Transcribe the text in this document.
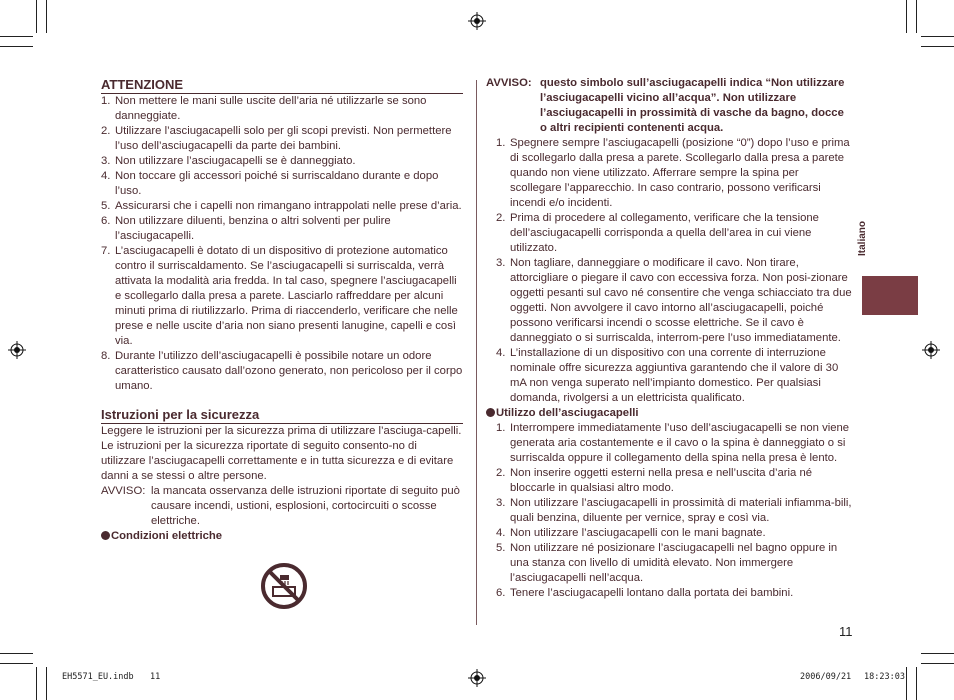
ATTENZIONE
1. Non mettere le mani sulle uscite dell’aria né utilizzarle se sono danneggiate.
2. Utilizzare l’asciugacapelli solo per gli scopi previsti. Non permettere l’uso dell’asciugacapelli da parte dei bambini.
3. Non utilizzare l’asciugacapelli se è danneggiato.
4. Non toccare gli accessori poiché si surriscaldano durante e dopo l’uso.
5. Assicurarsi che i capelli non rimangano intrappolati nelle prese d’aria.
6. Non utilizzare diluenti, benzina o altri solventi per pulire l’asciugacapelli.
7. L’asciugacapelli è dotato di un dispositivo di protezione automatico contro il surriscaldamento. Se l’asciugacapelli si surriscalda, verrà attivata la modalità aria fredda. In tal caso, spegnere l’asciugacapelli e scollegarlo dalla presa a parete. Lasciarlo raffreddare per alcuni minuti prima di riutilizzarlo. Prima di riaccenderlo, verificare che nelle prese e nelle uscite d’aria non siano presenti lanugine, capelli e così via.
8. Durante l’utilizzo dell’asciugacapelli è possibile notare un odore caratteristico causato dall’ozono generato, non pericoloso per il corpo umano.
Istruzioni per la sicurezza

Leggere le istruzioni per la sicurezza prima di utilizzare l’asciuga-capelli. Le istruzioni per la sicurezza riportate di seguito consento-no di utilizzare l’asciugacapelli correttamente e in tutta sicurezza e di evitare danni a se stessi o altre persone.

AVVISO: la mancata osservanza delle istruzioni riportate di seguito può causare incendi, ustioni, esplosioni, cortocircuiti o scosse elettriche.
Condizioni elettriche
AVVISO: questo simbolo sull’asciugacapelli indica “Non utilizzare l’asciugacapelli vicino all’acqua”. Non utilizzare l’asciugacapelli in prossimità di vasche da bagno, docce o altri recipienti contenenti acqua.
1. Spegnere sempre l’asciugacapelli (posizione “0”) dopo l’uso e prima di scollegarlo dalla presa a parete. Scollegarlo dalla presa a parete quando non viene utilizzato. Afferrare sempre la spina per scollegare l’apparecchio. In caso contrario, possono verificarsi incendi e/o incidenti.
2. Prima di procedere al collegamento, verificare che la tensione dell’asciugacapelli corrisponda a quella dell’area in cui viene utilizzato.
3. Non tagliare, danneggiare o modificare il cavo. Non tirare, attorcigliare o piegare il cavo con eccessiva forza. Non posi-zionare oggetti pesanti sul cavo né consentire che venga schiacciato tra due oggetti. Non avvolgere il cavo intorno all’asciugacapelli, poiché possono verificarsi incendi o scosse elettriche. Se il cavo è danneggiato o si surriscalda, interrom-pere l’uso immediatamente.
4. L’installazione di un dispositivo con una corrente di interruzione nominale offre sicurezza aggiuntiva garantendo che il valore di 30 mA non venga superato nell’impianto domestico. Per qualsiasi domanda, rivolgersi a un elettricista qualificato.
Utilizzo dell’asciugacapelli
1. Interrompere immediatamente l’uso dell’asciugacapelli se non viene generata aria costantemente e il cavo o la spina è danneggiato o si surriscalda oppure il collegamento della spina nella presa è lento.
2. Non inserire oggetti esterni nella presa e nell’uscita d’aria né bloccarle in qualsiasi altro modo.
3. Non utilizzare l’asciugacapelli in prossimità di materiali infiamma-bili, quali benzina, diluente per vernice, spray e così via.
4. Non utilizzare l’asciugacapelli con le mani bagnate.
5. Non utilizzare né posizionare l’asciugacapelli nel bagno oppure in una stanza con livello di umidità elevato. Non immergere l’asciugacapelli nell’acqua.
6. Tenere l’asciugacapelli lontano dalla portata dei bambini.
Italiano
11
EH5571_EU.indb 11	2006/09/21 18:23:03
